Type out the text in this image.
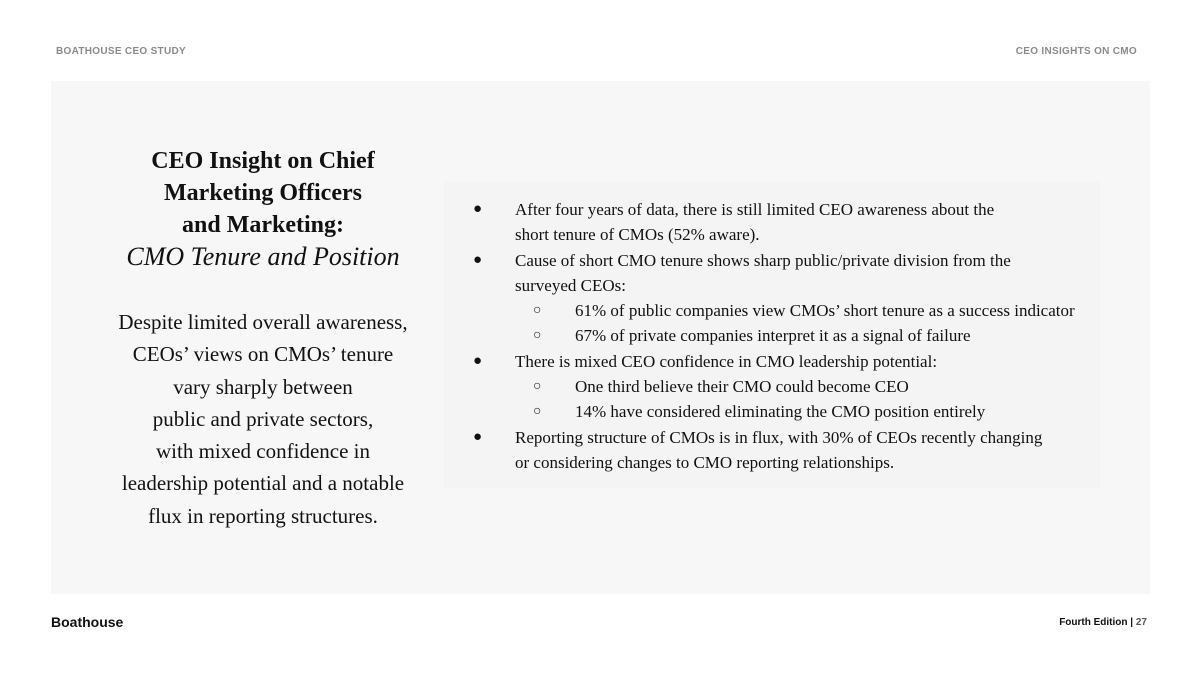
BOATHOUSE CEO STUDY	CEO INSIGHTS ON CMO
CEO Insight on Chief
Marketing Officers
and Marketing:
CMO Tenure and Position
Despite limited overall awareness,
CEOs’ views on CMOs’ tenure
vary sharply between
public and private sectors,
with mixed confidence in
leadership potential and a notable
flux in reporting structures.
● After four years of data, there is still limited CEO awareness about the
short tenure of CMOs (52% aware).
● Cause of short CMO tenure shows sharp public/private division from the
surveyed CEOs:
○ 61% of public companies view CMOs’ short tenure as a success indicator
○ 67% of private companies interpret it as a signal of failure
● There is mixed CEO confidence in CMO leadership potential:
○ One third believe their CMO could become CEO
○ 14% have considered eliminating the CMO position entirely
● Reporting structure of CMOs is in flux, with 30% of CEOs recently changing
or considering changes to CMO reporting relationships.
Boathouse	Fourth Edition | 27
